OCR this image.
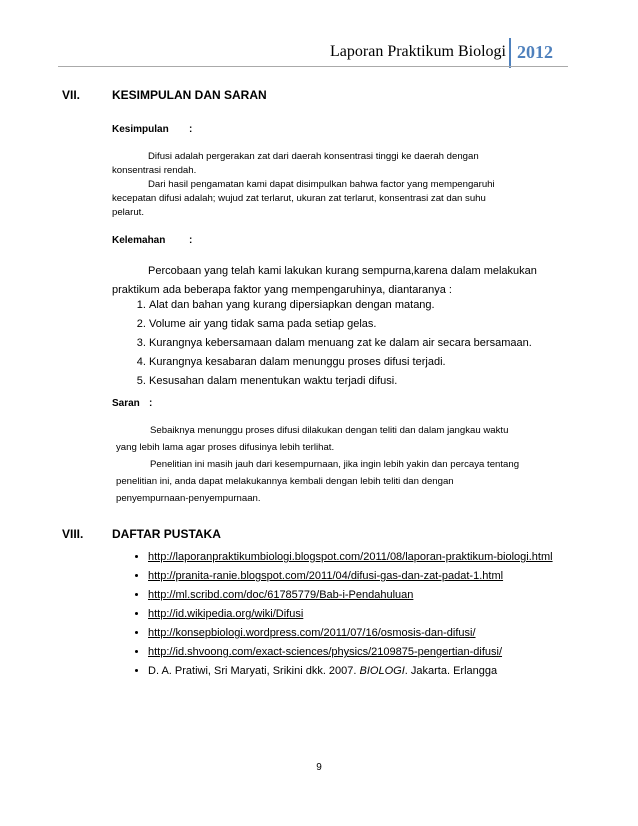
Laporan Praktikum Biologi 2012
VII.	KESIMPULAN DAN SARAN
Kesimpulan :
Difusi adalah pergerakan zat dari daerah konsentrasi tinggi ke daerah dengan
konsentrasi rendah.
Dari hasil pengamatan kami dapat disimpulkan bahwa factor yang mempengaruhi
kecepatan difusi adalah; wujud zat terlarut, ukuran zat terlarut, konsentrasi zat dan suhu
pelarut.
Kelemahan :
Percobaan yang telah kami lakukan kurang sempurna,karena dalam melakukan
praktikum ada beberapa faktor yang mempengaruhinya, diantaranya :
1. Alat dan bahan yang kurang dipersiapkan dengan matang.
2. Volume air yang tidak sama pada setiap gelas.
3. Kurangnya kebersamaan dalam menuang zat ke dalam air secara bersamaan.
4. Kurangnya kesabaran dalam menunggu proses difusi terjadi.
5. Kesusahan dalam menentukan waktu terjadi difusi.
Saran :
Sebaiknya menunggu proses difusi dilakukan dengan teliti dan dalam jangkau waktu
yang lebih lama agar proses difusinya lebih terlihat.
Penelitian ini masih jauh dari kesempurnaan, jika ingin lebih yakin dan percaya tentang
penelitian ini, anda dapat melakukannya kembali dengan lebih teliti dan dengan
penyempurnaan-penyempurnaan.
VIII. DAFTAR PUSTAKA
• http://laporanpraktikumbiologi.blogspot.com/2011/08/laporan-praktikum-biologi.html
• http://pranita-ranie.blogspot.com/2011/04/difusi-gas-dan-zat-padat-1.html
• http://ml.scribd.com/doc/61785779/Bab-i-Pendahuluan
• http://id.wikipedia.org/wiki/Difusi
• http://konsepbiologi.wordpress.com/2011/07/16/osmosis-dan-difusi/
• http://id.shvoong.com/exact-sciences/physics/2109875-pengertian-difusi/
• D. A. Pratiwi, Sri Maryati, Srikini dkk. 2007. BIOLOGI. Jakarta. Erlangga
9
